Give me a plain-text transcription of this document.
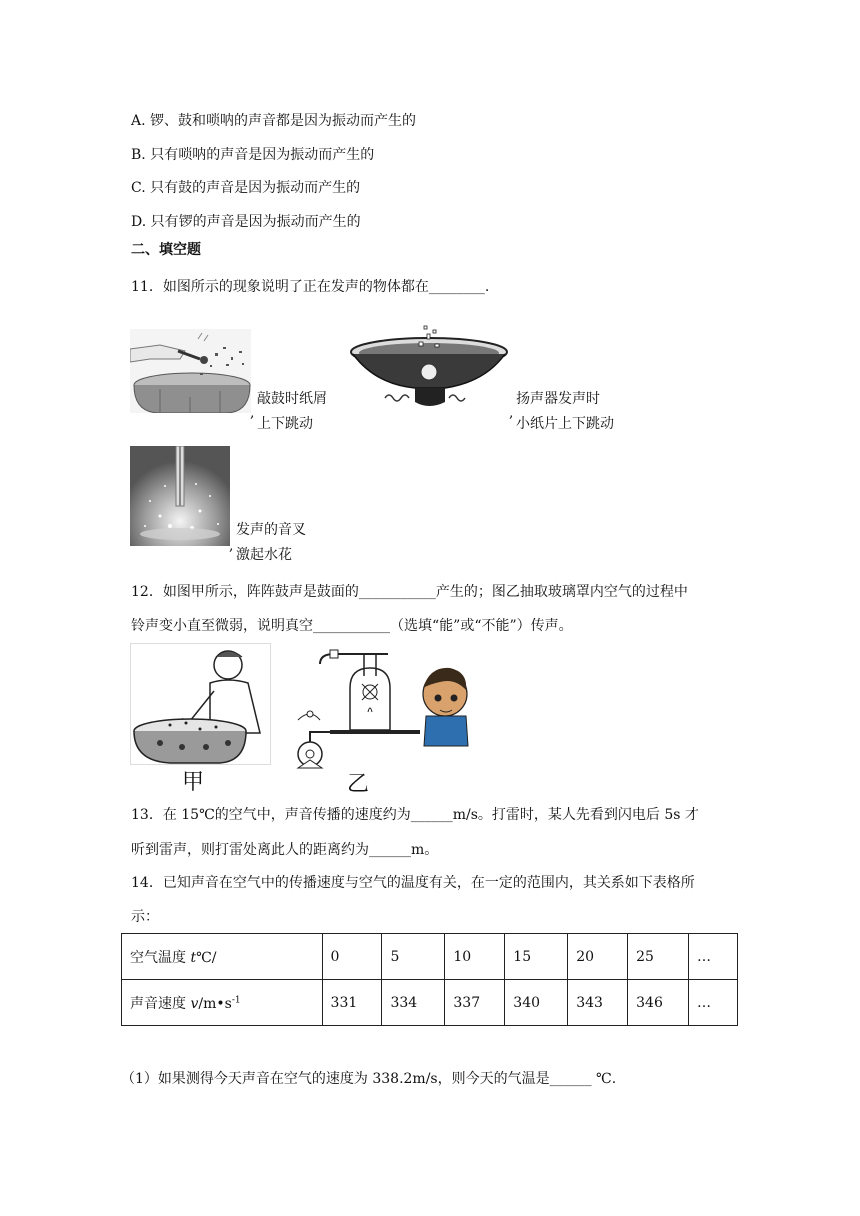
A. 锣、鼓和唢呐的声音都是因为振动而产生的
B. 只有唢呐的声音是因为振动而产生的
C. 只有鼓的声音是因为振动而产生的
D. 只有锣的声音是因为振动而产生的
二、填空题
11．如图所示的现象说明了正在发声的物体都在________.
,
敲鼓时纸屑
上下跳动
,
扬声器发声时
小纸片上下跳动
,
发声的音叉
激起水花
12．如图甲所示，阵阵鼓声是鼓面的___________产生的；图乙抽取玻璃罩内空气的过程中
铃声变小直至微弱，说明真空___________（选填“能”或“不能”）传声。
甲	乙
13．在 15℃的空气中，声音传播的速度约为______m/s。打雷时，某人先看到闪电后 5s 才
听到雷声，则打雷处离此人的距离约为______m。
14．已知声音在空气中的传播速度与空气的温度有关，在一定的范围内，其关系如下表格所
示：
空气温度 t℃/	0	5	10	15	20	25	…
声音速度 $v/m•s^{-1}$	331	334	337	340	343	346	…
（1）如果测得今天声音在空气的速度为 338.2m/s，则今天的气温是______ ℃.
